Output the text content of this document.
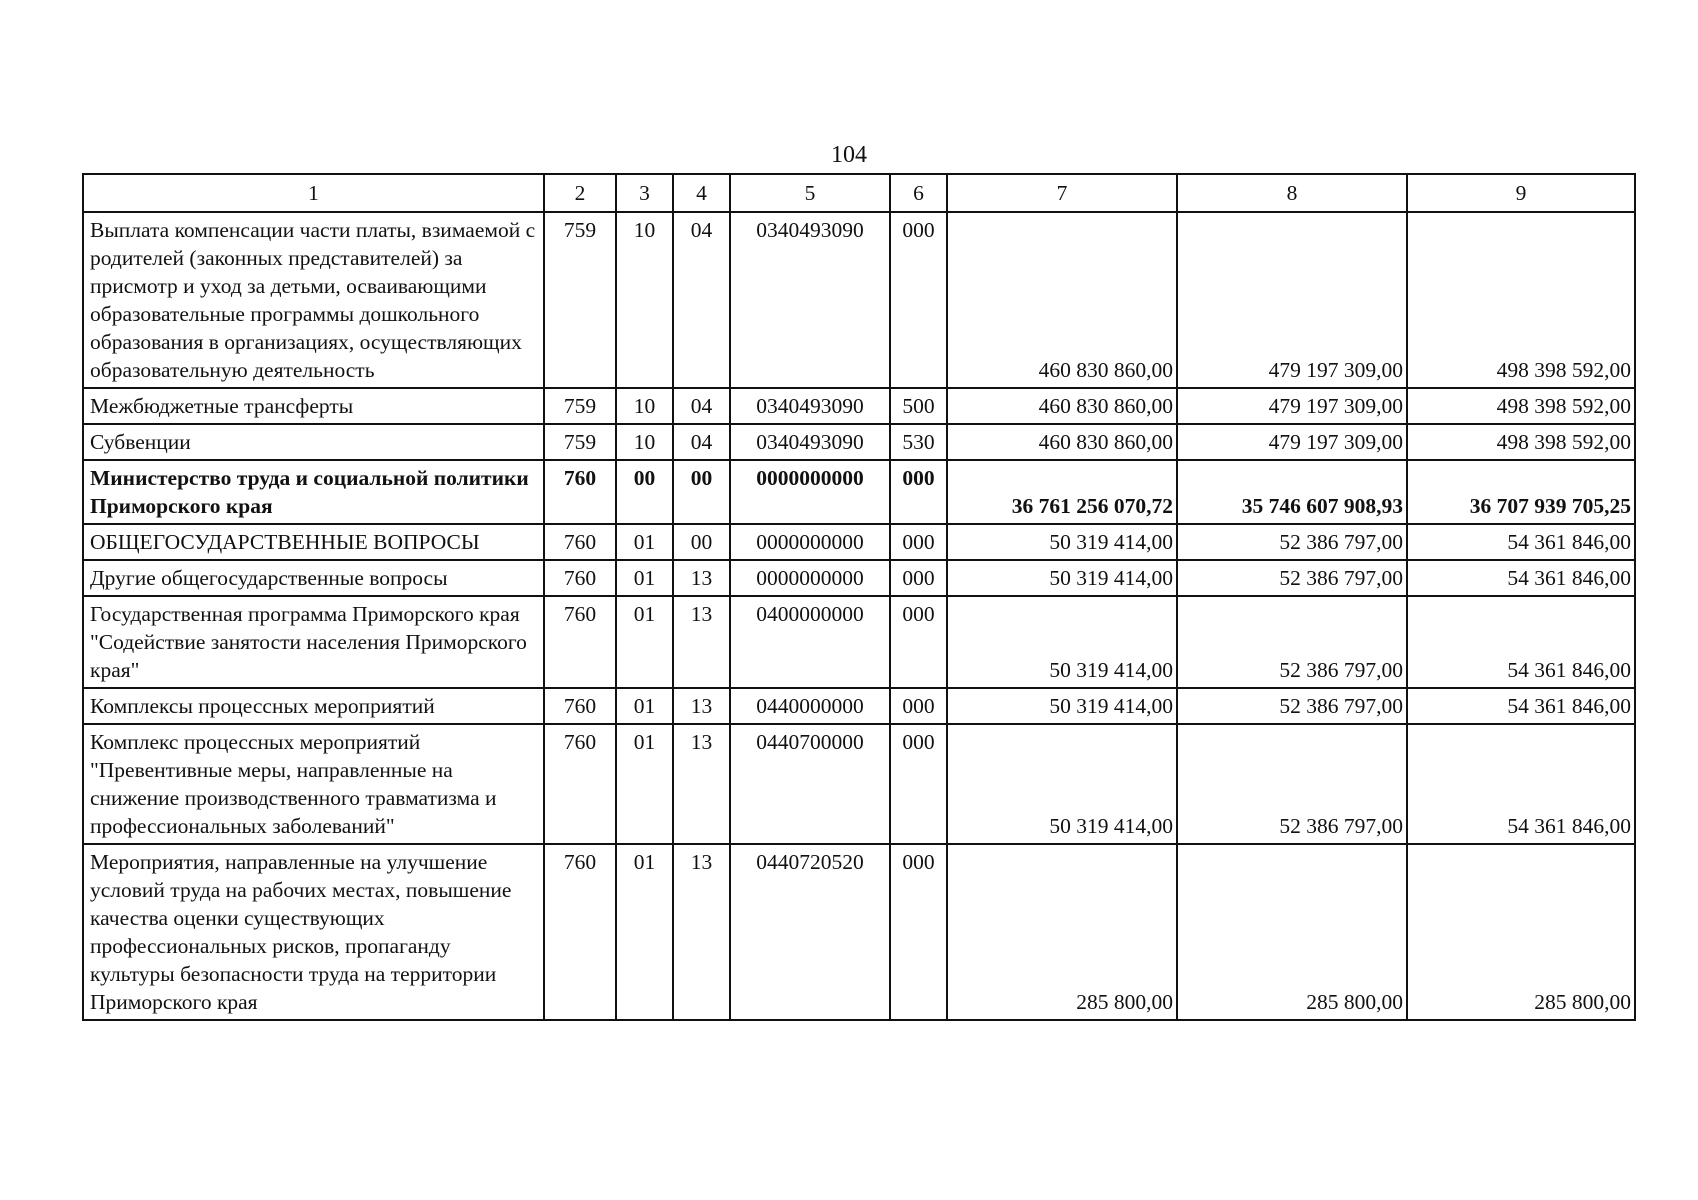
104
1	2	3	4	5	6	7	8	9
Выплата компенсации части платы, взимаемой с родителей (законных представителей) за присмотр и уход за детьми, осваивающими образовательные программы дошкольного образования в организациях, осуществляющих образовательную деятельность	759	10	04	0340493090	000	460 830 860,00	479 197 309,00	498 398 592,00
Межбюджетные трансферты	759	10	04	0340493090	500	460 830 860,00	479 197 309,00	498 398 592,00
Субвенции	759	10	04	0340493090	530	460 830 860,00	479 197 309,00	498 398 592,00
Министерство труда и социальной политики Приморского края	760	00	00	0000000000	000	36 761 256 070,72	35 746 607 908,93	36 707 939 705,25
ОБЩЕГОСУДАРСТВЕННЫЕ ВОПРОСЫ	760	01	00	0000000000	000	50 319 414,00	52 386 797,00	54 361 846,00
Другие общегосударственные вопросы	760	01	13	0000000000	000	50 319 414,00	52 386 797,00	54 361 846,00
Государственная программа Приморского края "Содействие занятости населения Приморского края"	760	01	13	0400000000	000	50 319 414,00	52 386 797,00	54 361 846,00
Комплексы процессных мероприятий	760	01	13	0440000000	000	50 319 414,00	52 386 797,00	54 361 846,00
Комплекс процессных мероприятий "Превентивные меры, направленные на снижение производственного травматизма и профессиональных заболеваний"	760	01	13	0440700000	000	50 319 414,00	52 386 797,00	54 361 846,00
Мероприятия, направленные на улучшение условий труда на рабочих местах, повышение качества оценки существующих профессиональных рисков, пропаганду культуры безопасности труда на территории Приморского края	760	01	13	0440720520	000	285 800,00	285 800,00	285 800,00
